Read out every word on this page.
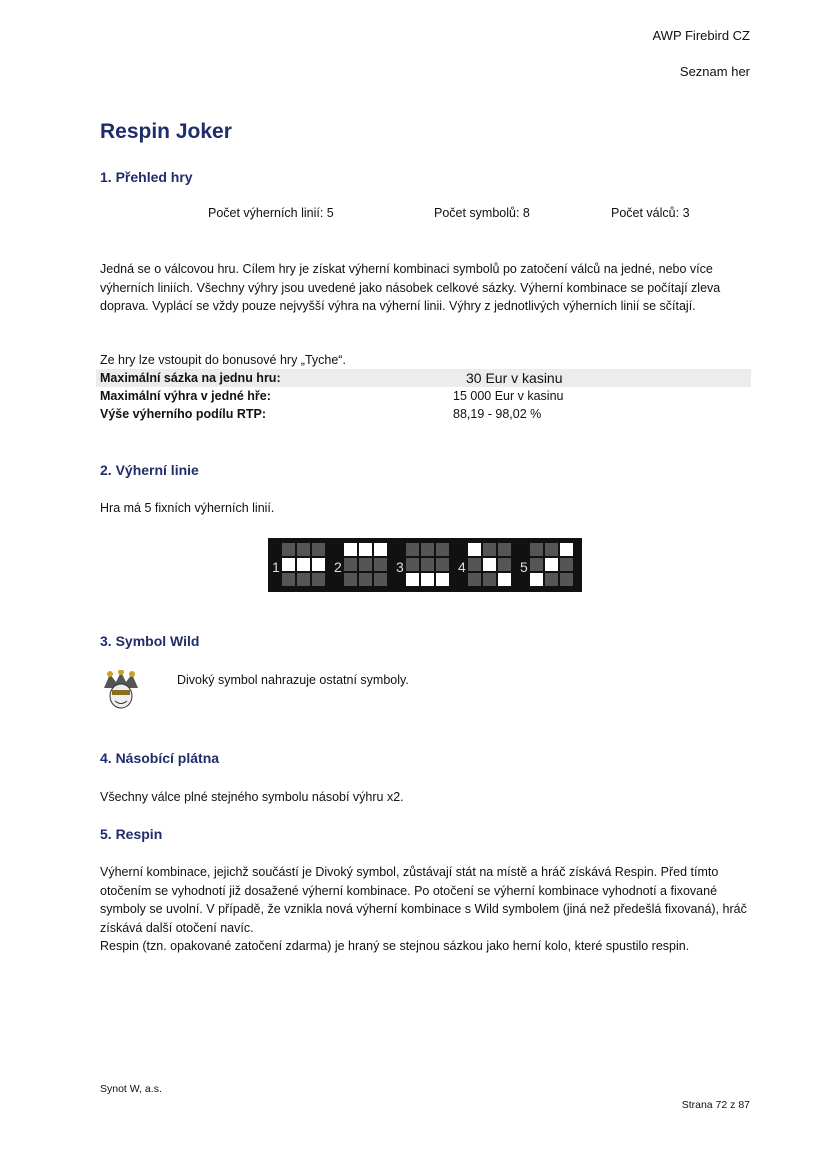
AWP Firebird CZ
Seznam her
Respin Joker
1. Přehled hry
Počet výherních linií: 5	Počet symbolů: 8	Počet válců: 3
Jedná se o válcovou hru. Cílem hry je získat výherní kombinaci symbolů po zatočení válců na jedné, nebo více výherních liniích. Všechny výhry jsou uvedené jako násobek celkové sázky. Výherní kombinace se počítají zleva doprava. Vyplácí se vždy pouze nejvyšší výhra na výherní linii. Výhry z jednotlivých výherních linií se sčítají.
Ze hry lze vstoupit do bonusové hry „Tyche“.
Maximální sázka na jednu hru:	30 Eur v kasinu
Maximální výhra v jedné hře:	15 000 Eur v kasinu
Výše výherního podílu RTP:	88,19 - 98,02 %
2. Výherní linie
Hra má 5 fixních výherních linií.
1	2	3	4	5
3. Symbol Wild
Divoký symbol nahrazuje ostatní symboly.
4. Násobící plátna
Všechny válce plné stejného symbolu násobí výhru x2.
5. Respin
Výherní kombinace, jejichž součástí je Divoký symbol, zůstávají stát na místě a hráč získává Respin. Před tímto otočením se vyhodnotí již dosažené výherní kombinace. Po otočení se výherní kombinace vyhodnotí a fixované symboly se uvolní. V případě, že vznikla nová výherní kombinace s Wild symbolem (jiná než předešlá fixovaná), hráč získává další otočení navíc.
Respin (tzn. opakované zatočení zdarma) je hraný se stejnou sázkou jako herní kolo, které spustilo respin.
Synot W, a.s.
Strana 72 z 87
